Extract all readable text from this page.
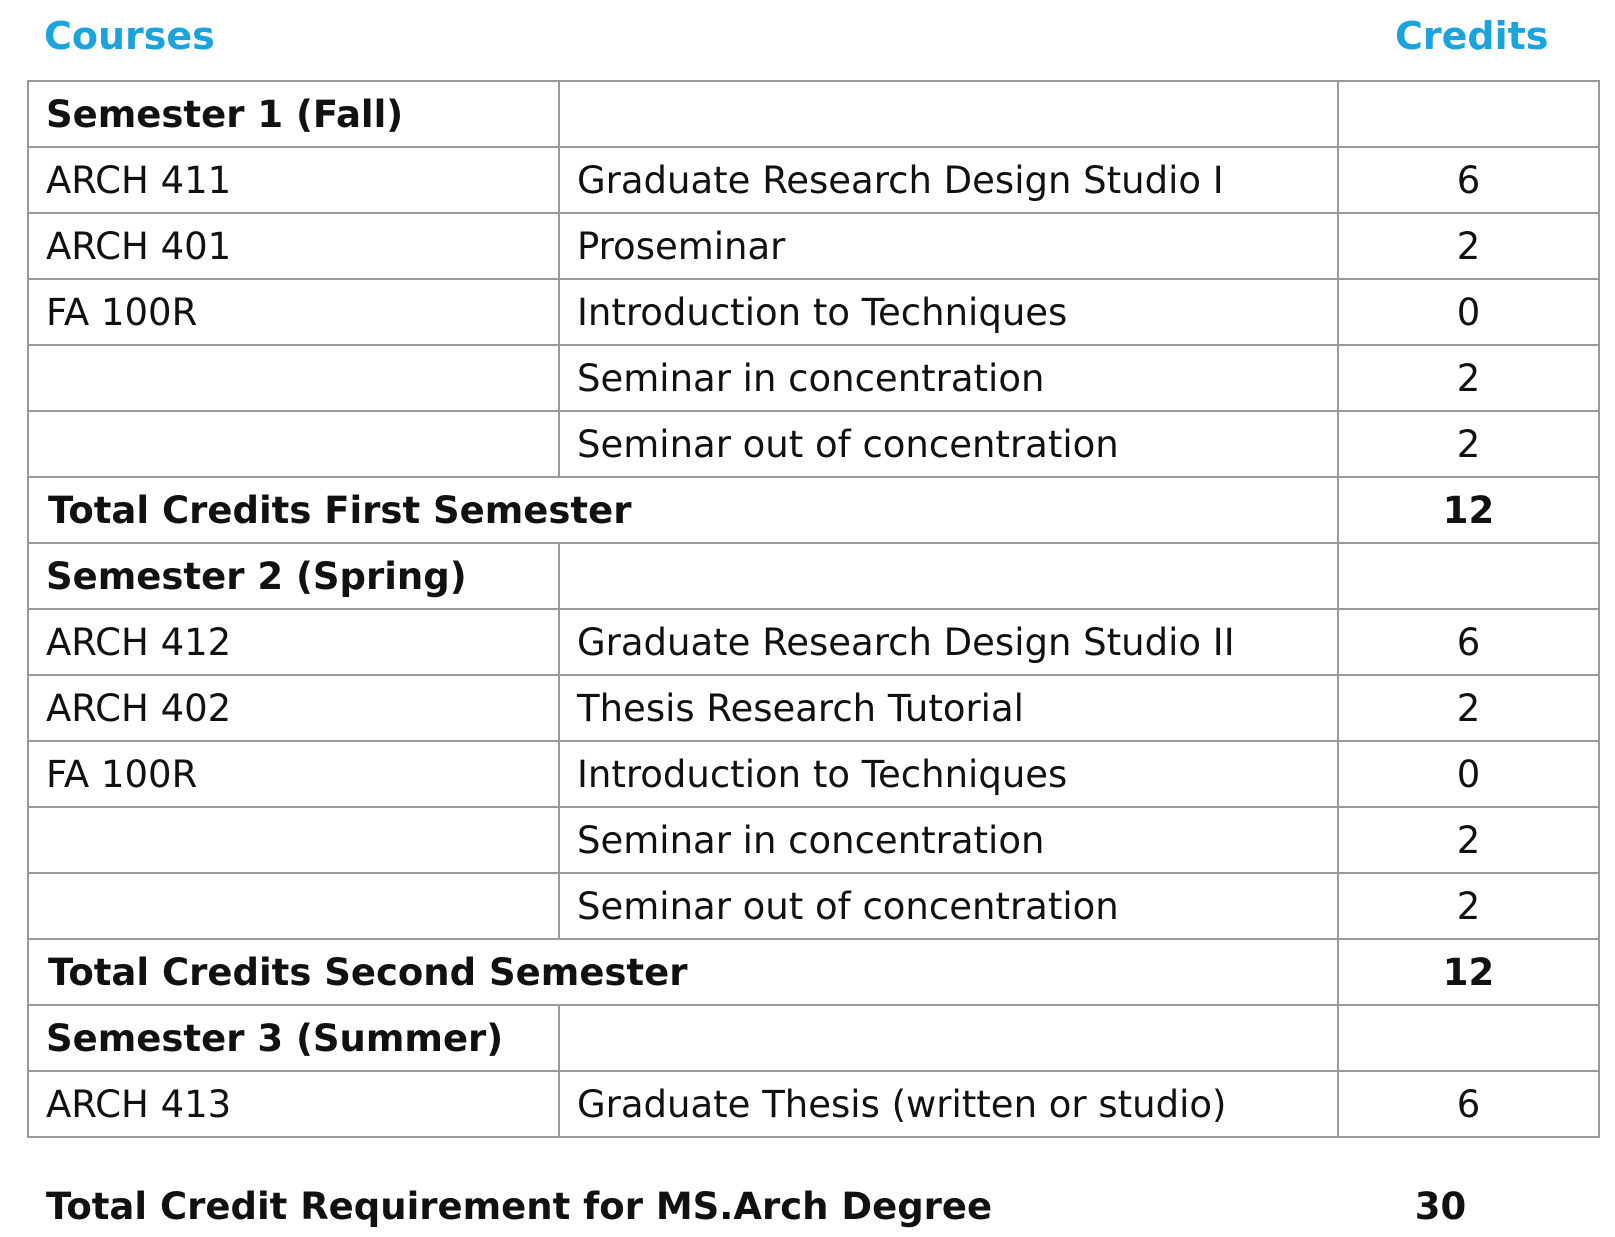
Courses	Credits
Semester 1 (Fall)		
ARCH 411	Graduate Research Design Studio I	6
ARCH 401	Proseminar	2
FA 100R	Introduction to Techniques	0
	Seminar in concentration	2
	Seminar out of concentration	2
Total Credits First Semester		12
Semester 2 (Spring)		
ARCH 412	Graduate Research Design Studio II	6
ARCH 402	Thesis Research Tutorial	2
FA 100R	Introduction to Techniques	0
	Seminar in concentration	2
	Seminar out of concentration	2
Total Credits Second Semester		12
Semester 3 (Summer)		
ARCH 413	Graduate Thesis (written or studio)	6
Total Credit Requirement for MS.Arch Degree	30
